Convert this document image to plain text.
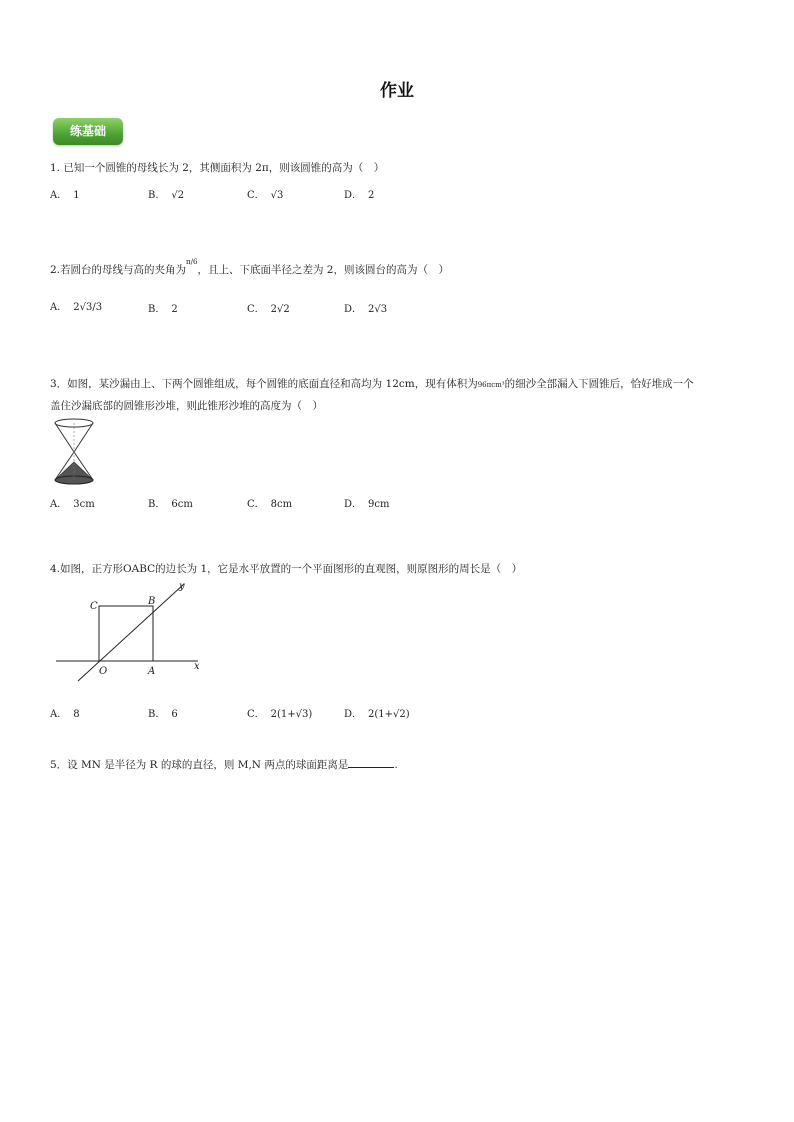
作业
练基础
1. 已知一个圆锥的母线长为 2，其侧面积为 2π，则该圆锥的高为（　）
A． 1	B． √2	C． √3	D． 2
2.若圆台的母线与高的夹角为$^{\pi/6}$，且上、下底面半径之差为 2，则该圆台的高为（　）
A． 2√3/3	B． 2	C． 2√2	D． 2√3
3．如图，某沙漏由上、下两个圆锥组成，每个圆锥的底面直径和高均为 12cm，现有体积为96πcm³的细沙全部漏入下圆锥后，恰好堆成一个
盖住沙漏底部的圆锥形沙堆，则此锥形沙堆的高度为（　）
A． 3cm	B． 6cm	C． 8cm	D． 9cm
4.如图，正方形OABC的边长为 1，它是水平放置的一个平面图形的直观图，则原图形的周长是（　）
C	B
O	A	x
y
A． 8	B． 6	C． 2(1+√3)	D． 2(1+√2)
5．设 MN 是半径为 R 的球的直径，则 M,N 两点的球面距离是	.
